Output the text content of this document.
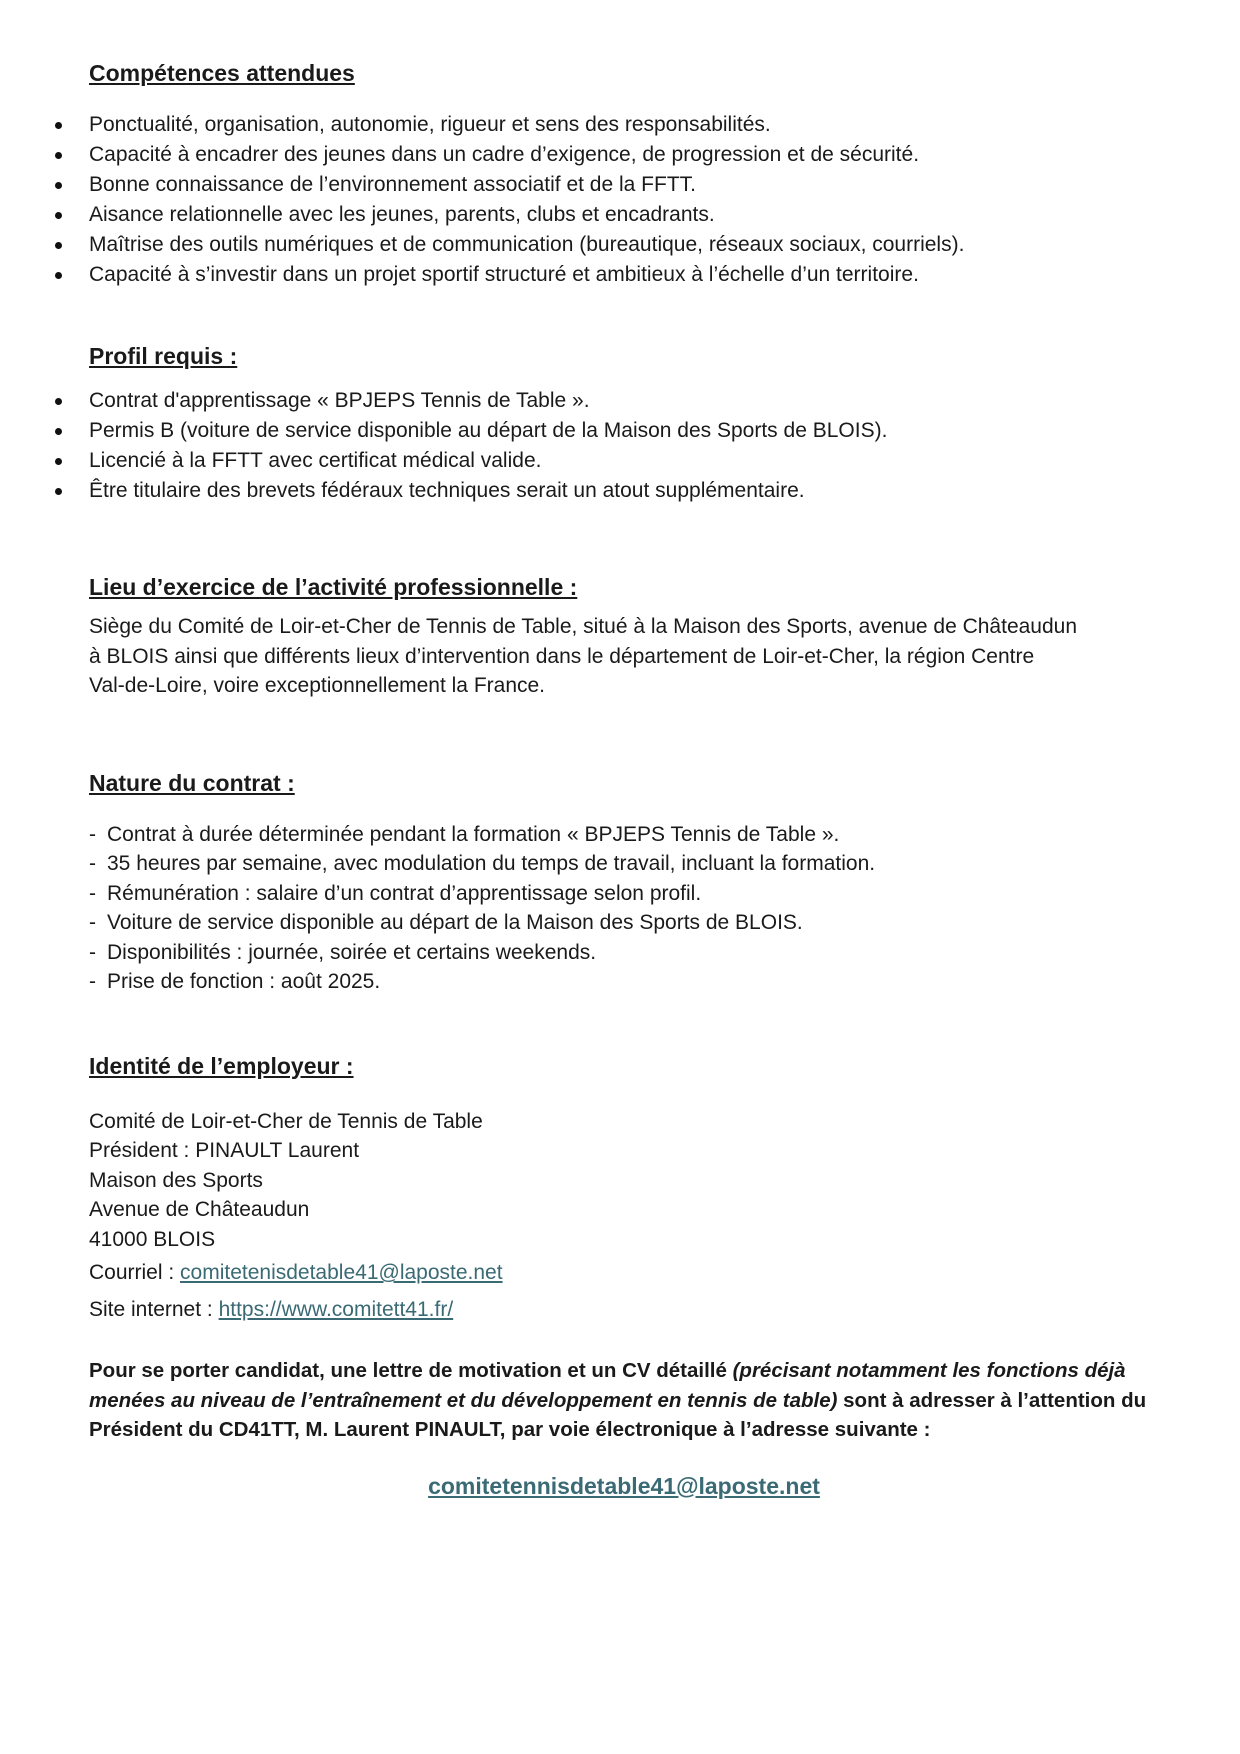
Compétences attendues
Ponctualité, organisation, autonomie, rigueur et sens des responsabilités.
Capacité à encadrer des jeunes dans un cadre d’exigence, de progression et de sécurité.
Bonne connaissance de l’environnement associatif et de la FFTT.
Aisance relationnelle avec les jeunes, parents, clubs et encadrants.
Maîtrise des outils numériques et de communication (bureautique, réseaux sociaux, courriels).
Capacité à s’investir dans un projet sportif structuré et ambitieux à l’échelle d’un territoire.
Profil requis :
Contrat d'apprentissage « BPJEPS Tennis de Table ».
Permis B (voiture de service disponible au départ de la Maison des Sports de BLOIS).
Licencié à la FFTT avec certificat médical valide.
Être titulaire des brevets fédéraux techniques serait un atout supplémentaire.
Lieu d’exercice de l’activité professionnelle :
Siège du Comité de Loir-et-Cher de Tennis de Table, situé à la Maison des Sports, avenue de Châteaudun
à BLOIS ainsi que différents lieux d’intervention dans le département de Loir-et-Cher, la région Centre
Val-de-Loire, voire exceptionnellement la France.
Nature du contrat :
- Contrat à durée déterminée pendant la formation « BPJEPS Tennis de Table ».
- 35 heures par semaine, avec modulation du temps de travail, incluant la formation.
- Rémunération : salaire d’un contrat d’apprentissage selon profil.
- Voiture de service disponible au départ de la Maison des Sports de BLOIS.
- Disponibilités : journée, soirée et certains weekends.
- Prise de fonction : août 2025.
Identité de l’employeur :
Comité de Loir-et-Cher de Tennis de Table
Président : PINAULT Laurent
Maison des Sports
Avenue de Châteaudun
41000 BLOIS
Courriel : comitetenisdetable41@laposte.net
Site internet : https://www.comitett41.fr/

Pour se porter candidat, une lettre de motivation et un CV détaillé (précisant notamment les fonctions déjà menées au niveau de l’entraînement et du développement en tennis de table) sont à adresser à l’attention du Président du CD41TT, M. Laurent PINAULT, par voie électronique à l’adresse suivante :

comitetennisdetable41@laposte.net
